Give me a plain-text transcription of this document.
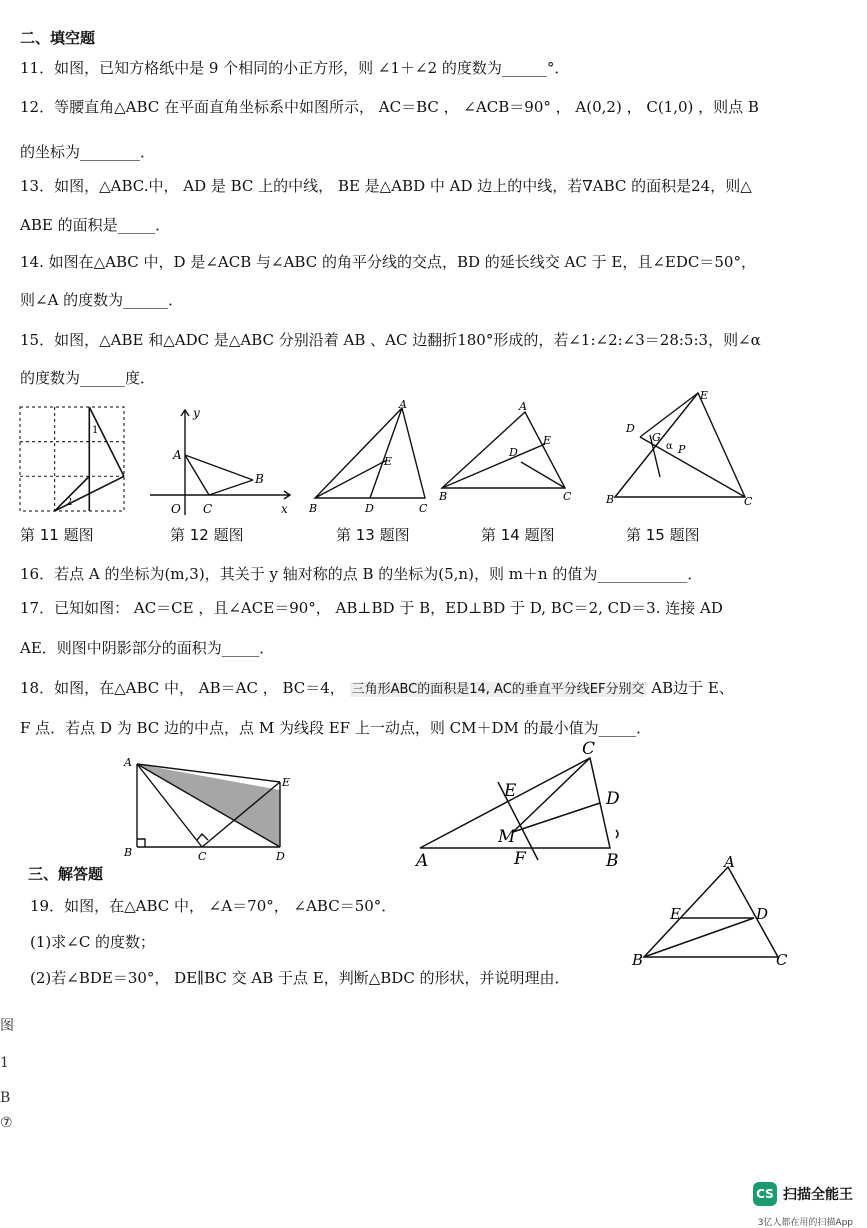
二、填空题
11．如图，已知方格纸中是 9 个相同的小正方形，则 ∠1＋∠2 的度数为______°．
12．等腰直角△ABC 在平面直角坐标系中如图所示， AC＝BC ， ∠ACB＝90° ， A(0,2) ， C(1,0) ，则点 B
的坐标为________．
13．如图，△ABC.中， AD 是 BC 上的中线， BE 是△ABD 中 AD 边上的中线，若∇ABC 的面积是24，则△
ABE 的面积是_____．
14. 如图在△ABC 中，D 是∠ACB 与∠ABC 的角平分线的交点，BD 的延长线交 AC 于 E，且∠EDC＝50°，
则∠A 的度数为______．
15．如图，△ABE 和△ADC 是△ABC 分别沿着 AB 、AC 边翻折180°形成的，若∠1:∠2:∠3＝28:5:3，则∠α
的度数为______度．
1
2
y
A
B
O C	x
A
E
B	D	C
A
E
D
B	C
E
D
G
P
α
B	C
第 11 题图	第 12 题图	第 13 题图	第 14 题图	第 15 题图
16．若点 A 的坐标为(m,3)，其关于 y 轴对称的点 B 的坐标为(5,n)，则 m＋n 的值为____________．
17．已知如图： AC＝CE ，且∠ACE＝90°， AB⊥BD 于 B，ED⊥BD 于 D, BC＝2, CD＝3. 连接 AD
AE．则图中阴影部分的面积为_____．
18．如图，在△ABC 中， AB＝AC ， BC＝4， 三角形ABC的面积是14, AC的垂直平分线EF分别交 AB边于 E、
F 点．若点 D 为 BC 边的中点，点 M 为线段 EF 上一动点，则 CM＋DM 的最小值为_____．
A
E
B	C	D
C
D
E
M
F
A	B
三、解答题
19．如图，在△ABC 中， ∠A＝70°， ∠ABC＝50°．
(1)求∠C 的度数；
(2)若∠BDE＝30°， DE∥BC 交 AB 于点 E，判断△BDC 的形状，并说明理由．
A
E	D
B	C
图
1
B
⑦
CS 扫描全能王
3亿人都在用的扫描App
